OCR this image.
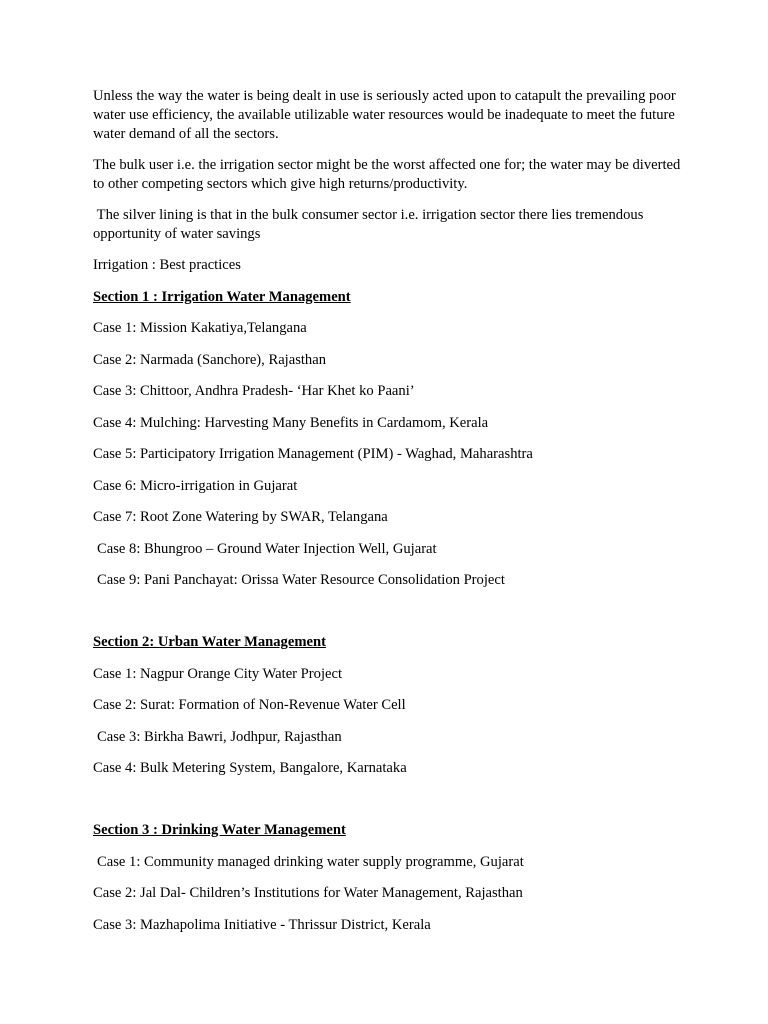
Unless the way the water is being dealt in use is seriously acted upon to catapult the prevailing poor water use efficiency, the available utilizable water resources would be inadequate to meet the future water demand of all the sectors.

The bulk user i.e. the irrigation sector might be the worst affected one for; the water may be diverted to other competing sectors which give high returns/productivity.

The silver lining is that in the bulk consumer sector i.e. irrigation sector there lies tremendous opportunity of water savings

Irrigation : Best practices

Section 1 : Irrigation Water Management

Case 1: Mission Kakatiya,Telangana

Case 2: Narmada (Sanchore), Rajasthan

Case 3: Chittoor, Andhra Pradesh- ‘Har Khet ko Paani’

Case 4: Mulching: Harvesting Many Benefits in Cardamom, Kerala

Case 5: Participatory Irrigation Management (PIM) - Waghad, Maharashtra

Case 6: Micro-irrigation in Gujarat

Case 7: Root Zone Watering by SWAR, Telangana

Case 8: Bhungroo – Ground Water Injection Well, Gujarat

Case 9: Pani Panchayat: Orissa Water Resource Consolidation Project

Section 2: Urban Water Management

Case 1: Nagpur Orange City Water Project

Case 2: Surat: Formation of Non-Revenue Water Cell

Case 3: Birkha Bawri, Jodhpur, Rajasthan

Case 4: Bulk Metering System, Bangalore, Karnataka

Section 3 : Drinking Water Management

Case 1: Community managed drinking water supply programme, Gujarat

Case 2: Jal Dal- Children’s Institutions for Water Management, Rajasthan

Case 3: Mazhapolima Initiative - Thrissur District, Kerala
